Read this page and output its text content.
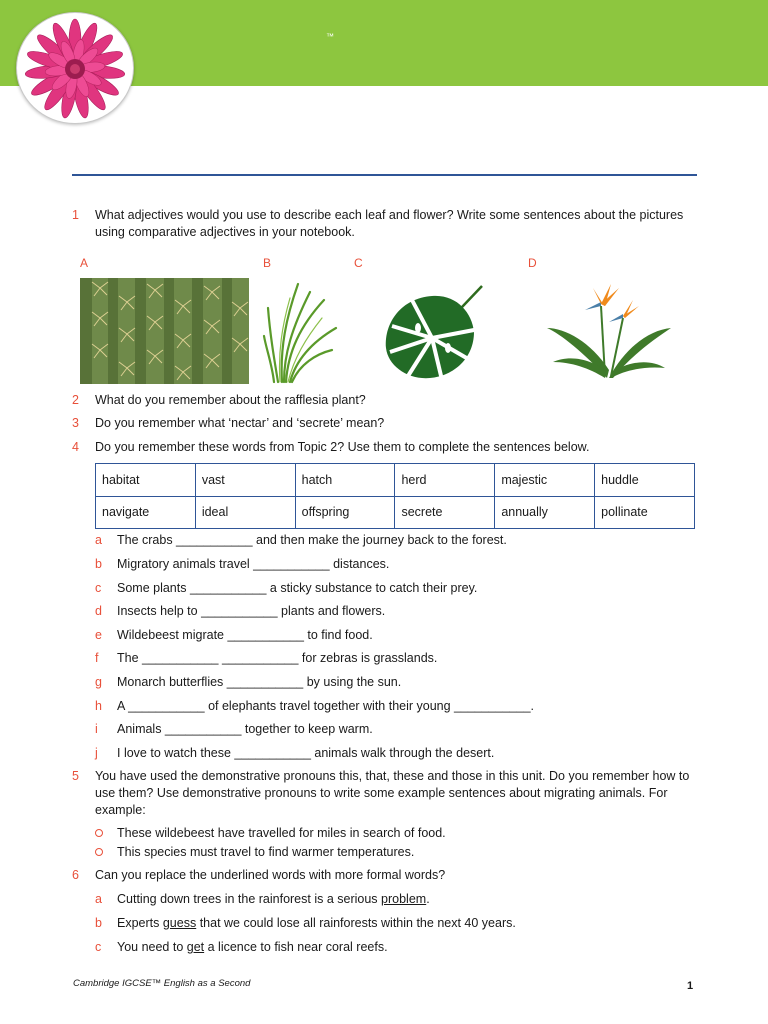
™
1 What adjectives would you use to describe each leaf and flower? Write some sentences about the pictures using comparative adjectives in your notebook.
A	B	C	D
2 What do you remember about the rafflesia plant?
3 Do you remember what ‘nectar’ and ‘secrete’ mean?
4 Do you remember these words from Topic 2? Use them to complete the sentences below.
habitat	vast	hatch	herd	majestic	huddle
navigate	ideal	offspring	secrete	annually	pollinate
a The crabs ___________ and then make the journey back to the forest.
b Migratory animals travel ___________ distances.
c Some plants ___________ a sticky substance to catch their prey.
d Insects help to ___________ plants and flowers.
e Wildebeest migrate ___________ to find food.
f The ___________ ___________ for zebras is grasslands.
g Monarch butterflies ___________ by using the sun.
h A ___________ of elephants travel together with their young ___________.
i Animals ___________ together to keep warm.
j I love to watch these ___________ animals walk through the desert.
5 You have used the demonstrative pronouns this, that, these and those in this unit. Do you remember how to use them? Use demonstrative pronouns to write some example sentences about migrating animals. For example:
These wildebeest have travelled for miles in search of food.
This species must travel to find warmer temperatures.
6 Can you replace the underlined words with more formal words?
a Cutting down trees in the rainforest is a serious problem.
b Experts guess that we could lose all rainforests within the next 40 years.
c You need to get a licence to fish near coral reefs.
Cambridge IGCSE™ English as a Second	1
